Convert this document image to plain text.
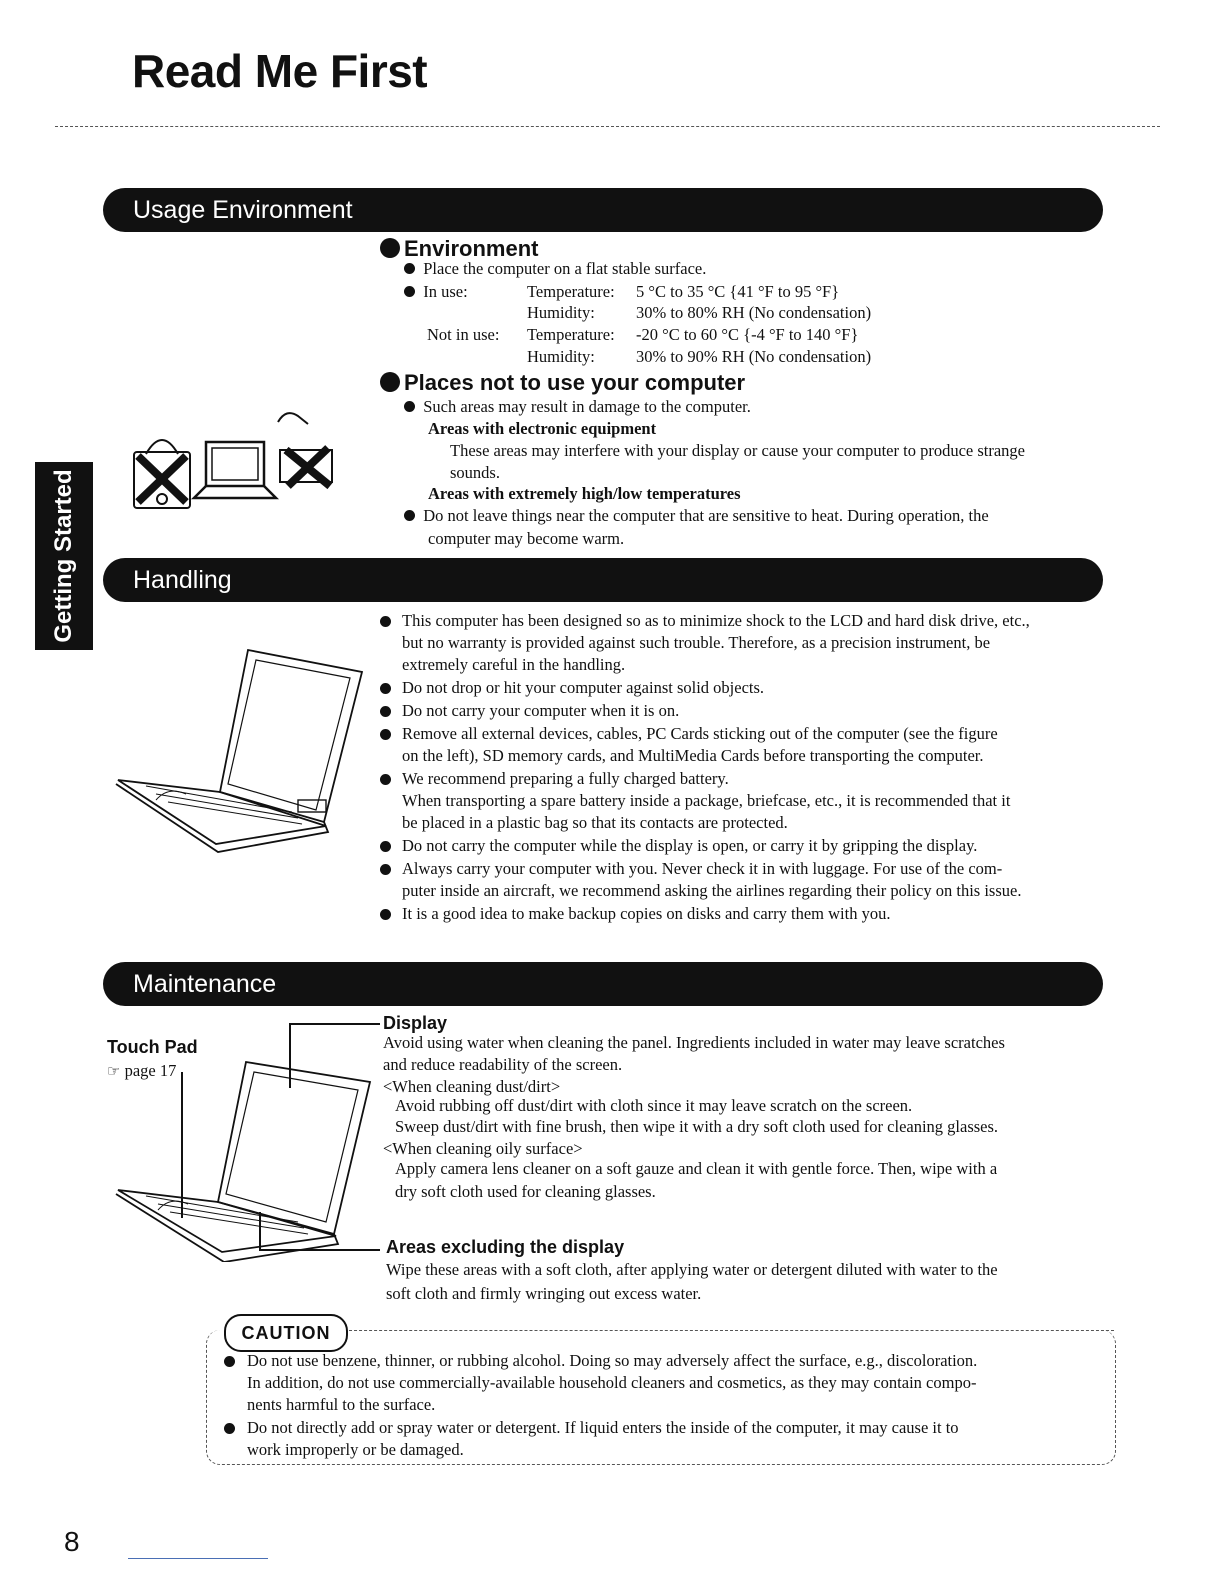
Read Me First
Getting Started
Usage Environment
Environment
Place the computer on a flat stable surface.
In use:	Temperature: 5 °C to 35 °C {41 °F to 95 °F}
Humidity: 30% to 80% RH (No condensation)
Not in use: Temperature: -20 °C to 60 °C {-4 °F to 140 °F}
Humidity: 30% to 90% RH (No condensation)
Places not to use your computer
Such areas may result in damage to the computer.
Areas with electronic equipment
These areas may interfere with your display or cause your computer to produce strange
sounds.
Areas with extremely high/low temperatures
Do not leave things near the computer that are sensitive to heat. During operation, the
computer may become warm.
Handling
This computer has been designed so as to minimize shock to the LCD and hard disk drive, etc.,
but no warranty is provided against such trouble. Therefore, as a precision instrument, be
extremely careful in the handling.
Do not drop or hit your computer against solid objects.
Do not carry your computer when it is on.
Remove all external devices, cables, PC Cards sticking out of the computer (see the figure
on the left), SD memory cards, and MultiMedia Cards before transporting the computer.
We recommend preparing a fully charged battery.
When transporting a spare battery inside a package, briefcase, etc., it is recommended that it
be placed in a plastic bag so that its contacts are protected.
Do not carry the computer while the display is open, or carry it by gripping the display.
Always carry your computer with you. Never check it in with luggage. For use of the com-
puter inside an aircraft, we recommend asking the airlines regarding their policy on this issue.
It is a good idea to make backup copies on disks and carry them with you.
Maintenance
Touch Pad
☞ page 17
Display
Avoid using water when cleaning the panel. Ingredients included in water may leave scratches
and reduce readability of the screen.
<When cleaning dust/dirt>
Avoid rubbing off dust/dirt with cloth since it may leave scratch on the screen.
Sweep dust/dirt with fine brush, then wipe it with a dry soft cloth used for cleaning glasses.
<When cleaning oily surface>
Apply camera lens cleaner on a soft gauze and clean it with gentle force. Then, wipe with a
dry soft cloth used for cleaning glasses.
Areas excluding the display
Wipe these areas with a soft cloth, after applying water or detergent diluted with water to the
soft cloth and firmly wringing out excess water.
CAUTION
Do not use benzene, thinner, or rubbing alcohol. Doing so may adversely affect the surface, e.g., discoloration.
In addition, do not use commercially-available household cleaners and cosmetics, as they may contain compo-
nents harmful to the surface.
Do not directly add or spray water or detergent. If liquid enters the inside of the computer, it may cause it to
work improperly or be damaged.
8
